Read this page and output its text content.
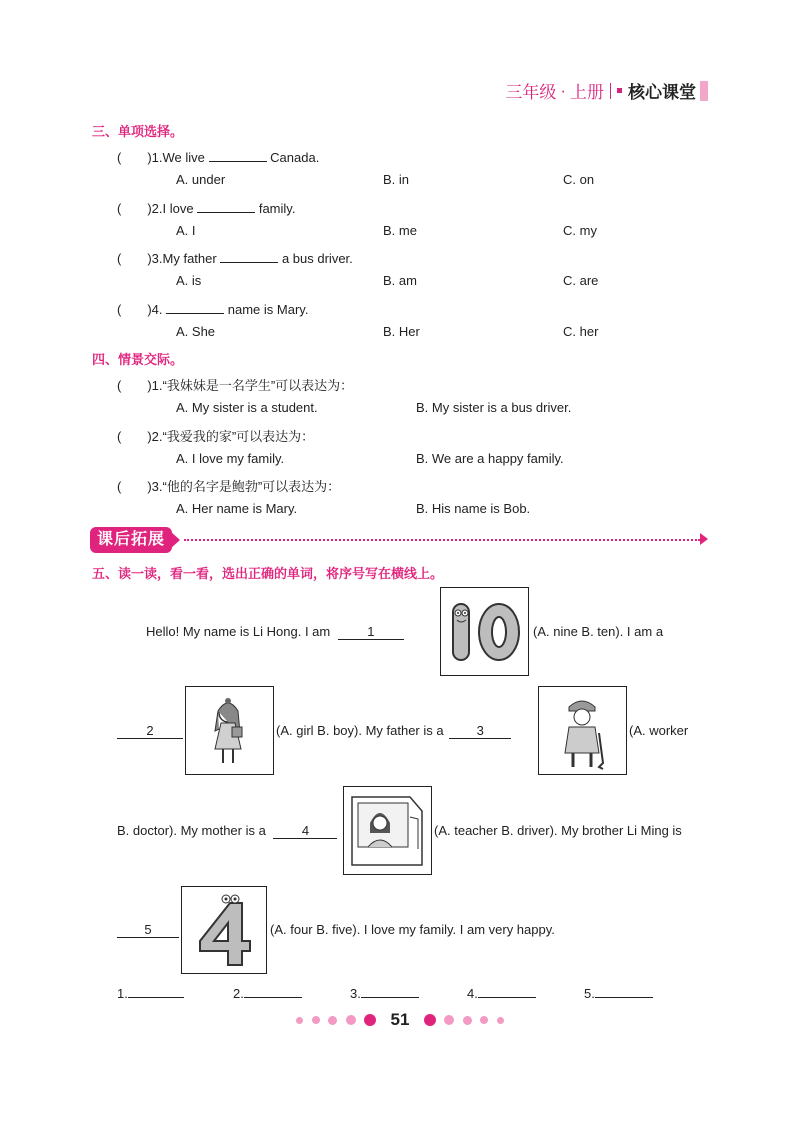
三年级 · 上册 核心课堂
三、单项选择。
(　　)1.We live	Canada.
A. under	B. in	C. on
(　　)2.I love	family.
A. I	B. me	C. my
(　　)3.My father	a bus driver.
A. is	B. am	C. are
(　　)4.	name is Mary.
A. She	B. Her	C. her
四、情景交际。
(　　)1.“我妹妹是一名学生”可以表达为：
A. My sister is a student.	B. My sister is a bus driver.
(　　)2.“我爱我的家”可以表达为：
A. I love my family.	B. We are a happy family.
(　　)3.“他的名字是鲍勃”可以表达为：
A. Her name is Mary.	B. His name is Bob.
课后拓展
五、读一读，看一看，选出正确的单词，将序号写在横线上。
Hello! My name is Li Hong. I am	1	(A. nine B. ten). I am a
2	(A. girl B. boy). My father is a	3	(A. worker
B. doctor). My mother is a	4	(A. teacher B. driver). My brother Li Ming is
5	(A. four B. five). I love my family. I am very happy.
1.	2.	3.	4.	5.
51
